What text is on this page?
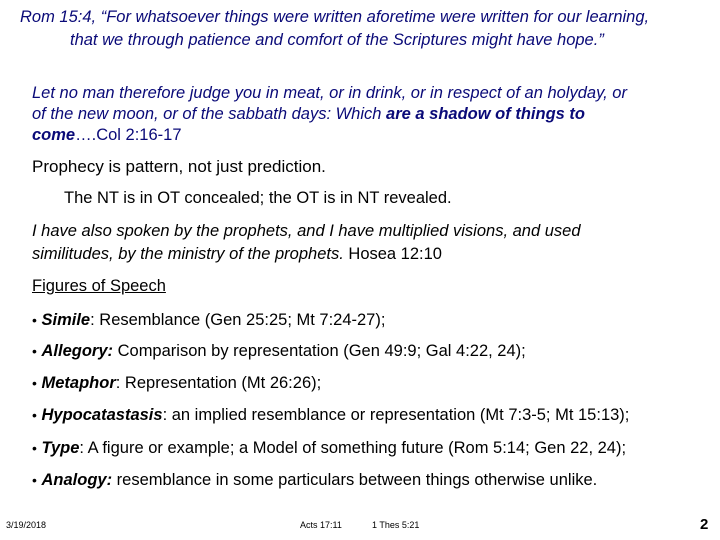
Rom 15:4, “For whatsoever things were written aforetime were written for our learning,
that we through patience and comfort of the Scriptures might have hope.”
Let no man therefore judge you in meat, or in drink, or in respect of an holyday, or
of the new moon, or of the sabbath days: Which are a shadow of things to
come….Col 2:16-17
Prophecy is pattern, not just prediction.
The NT is in OT concealed; the OT is in NT revealed.
I have also spoken by the prophets, and I have multiplied visions, and used
similitudes, by the ministry of the prophets. Hosea 12:10
Figures of Speech
• Simile: Resemblance (Gen 25:25; Mt 7:24-27);
• Allegory: Comparison by representation (Gen 49:9; Gal 4:22, 24);
• Metaphor: Representation (Mt 26:26);
• Hypocatastasis: an implied resemblance or representation (Mt 7:3-5; Mt 15:13);
• Type: A figure or example; a Model of something future (Rom 5:14; Gen 22, 24);
• Analogy: resemblance in some particulars between things otherwise unlike.
3/19/2018	Acts 17:11	1 Thes 5:21	2
